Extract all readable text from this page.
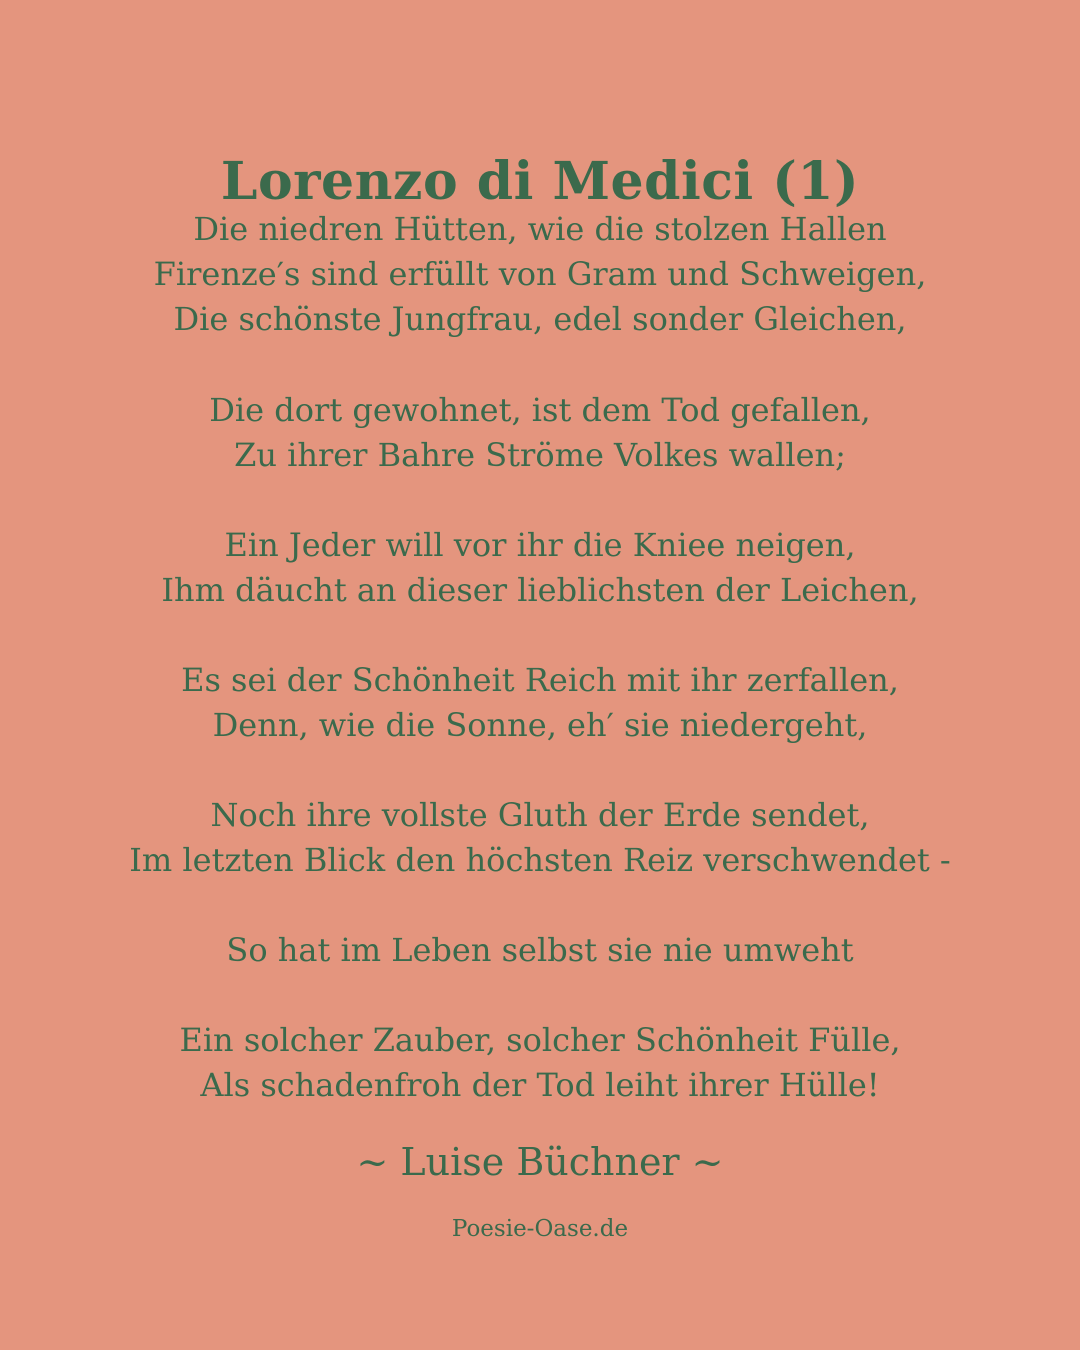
Lorenzo di Medici (1)
Die niedren Hütten, wie die stolzen Hallen
Firenze′s sind erfüllt von Gram und Schweigen,
Die schönste Jungfrau, edel sonder Gleichen,
Die dort gewohnet, ist dem Tod gefallen,
Zu ihrer Bahre Ströme Volkes wallen;
Ein Jeder will vor ihr die Kniee neigen,
Ihm däucht an dieser lieblichsten der Leichen,
Es sei der Schönheit Reich mit ihr zerfallen,
Denn, wie die Sonne, eh′ sie niedergeht,
Noch ihre vollste Gluth der Erde sendet,
Im letzten Blick den höchsten Reiz verschwendet -
So hat im Leben selbst sie nie umweht
Ein solcher Zauber, solcher Schönheit Fülle,
Als schadenfroh der Tod leiht ihrer Hülle!
~ Luise Büchner ~
Poesie-Oase.de
